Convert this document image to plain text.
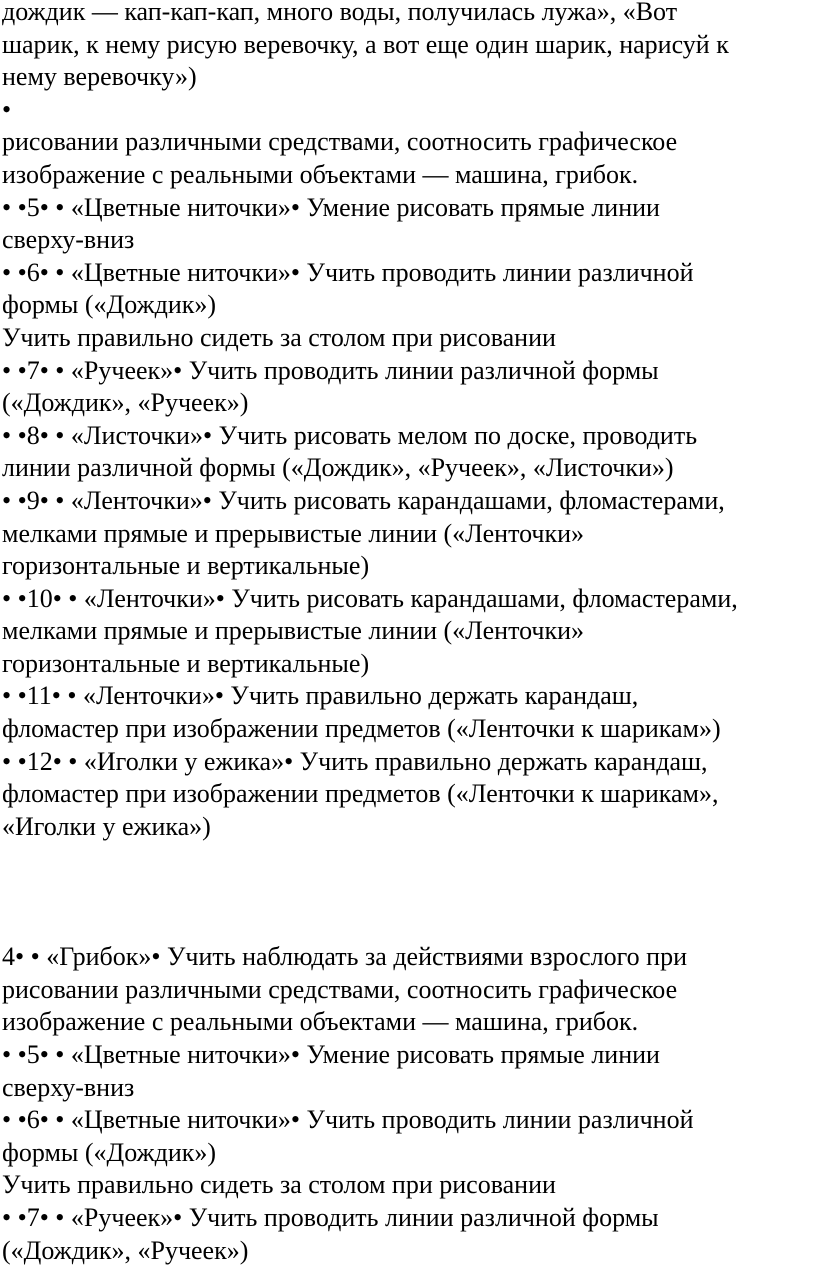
дождик — кап-кап-кап, много воды, получилась лужа», «Вот
шарик, к нему рисую веревочку, а вот еще один шарик, нарисуй к
нему веревочку»)
•
рисовании различными средствами, соотносить графическое
изображение с реальными объектами — машина, грибок.
• •5• • «Цветные ниточки»• Умение рисовать прямые линии
сверху-вниз
• •6• • «Цветные ниточки»• Учить проводить линии различной
формы («Дождик»)
Учить правильно сидеть за столом при рисовании
• •7• • «Ручеек»• Учить проводить линии различной формы
(«Дождик», «Ручеек»)
• •8• • «Листочки»• Учить рисовать мелом по доске, проводить
линии различной формы («Дождик», «Ручеек», «Листочки»)
• •9• • «Ленточки»• Учить рисовать карандашами, фломастерами,
мелками прямые и прерывистые линии («Ленточки»
горизонтальные и вертикальные)
• •10• • «Ленточки»• Учить рисовать карандашами, фломастерами,
мелками прямые и прерывистые линии («Ленточки»
горизонтальные и вертикальные)
• •11• • «Ленточки»• Учить правильно держать карандаш,
фломастер при изображении предметов («Ленточки к шарикам»)
• •12• • «Иголки у ежика»• Учить правильно держать карандаш,
фломастер при изображении предметов («Ленточки к шарикам»,
«Иголки у ежика»)
4• • «Грибок»• Учить наблюдать за действиями взрослого при
рисовании различными средствами, соотносить графическое
изображение с реальными объектами — машина, грибок.
• •5• • «Цветные ниточки»• Умение рисовать прямые линии
сверху-вниз
• •6• • «Цветные ниточки»• Учить проводить линии различной
формы («Дождик»)
Учить правильно сидеть за столом при рисовании
• •7• • «Ручеек»• Учить проводить линии различной формы
(«Дождик», «Ручеек»)
